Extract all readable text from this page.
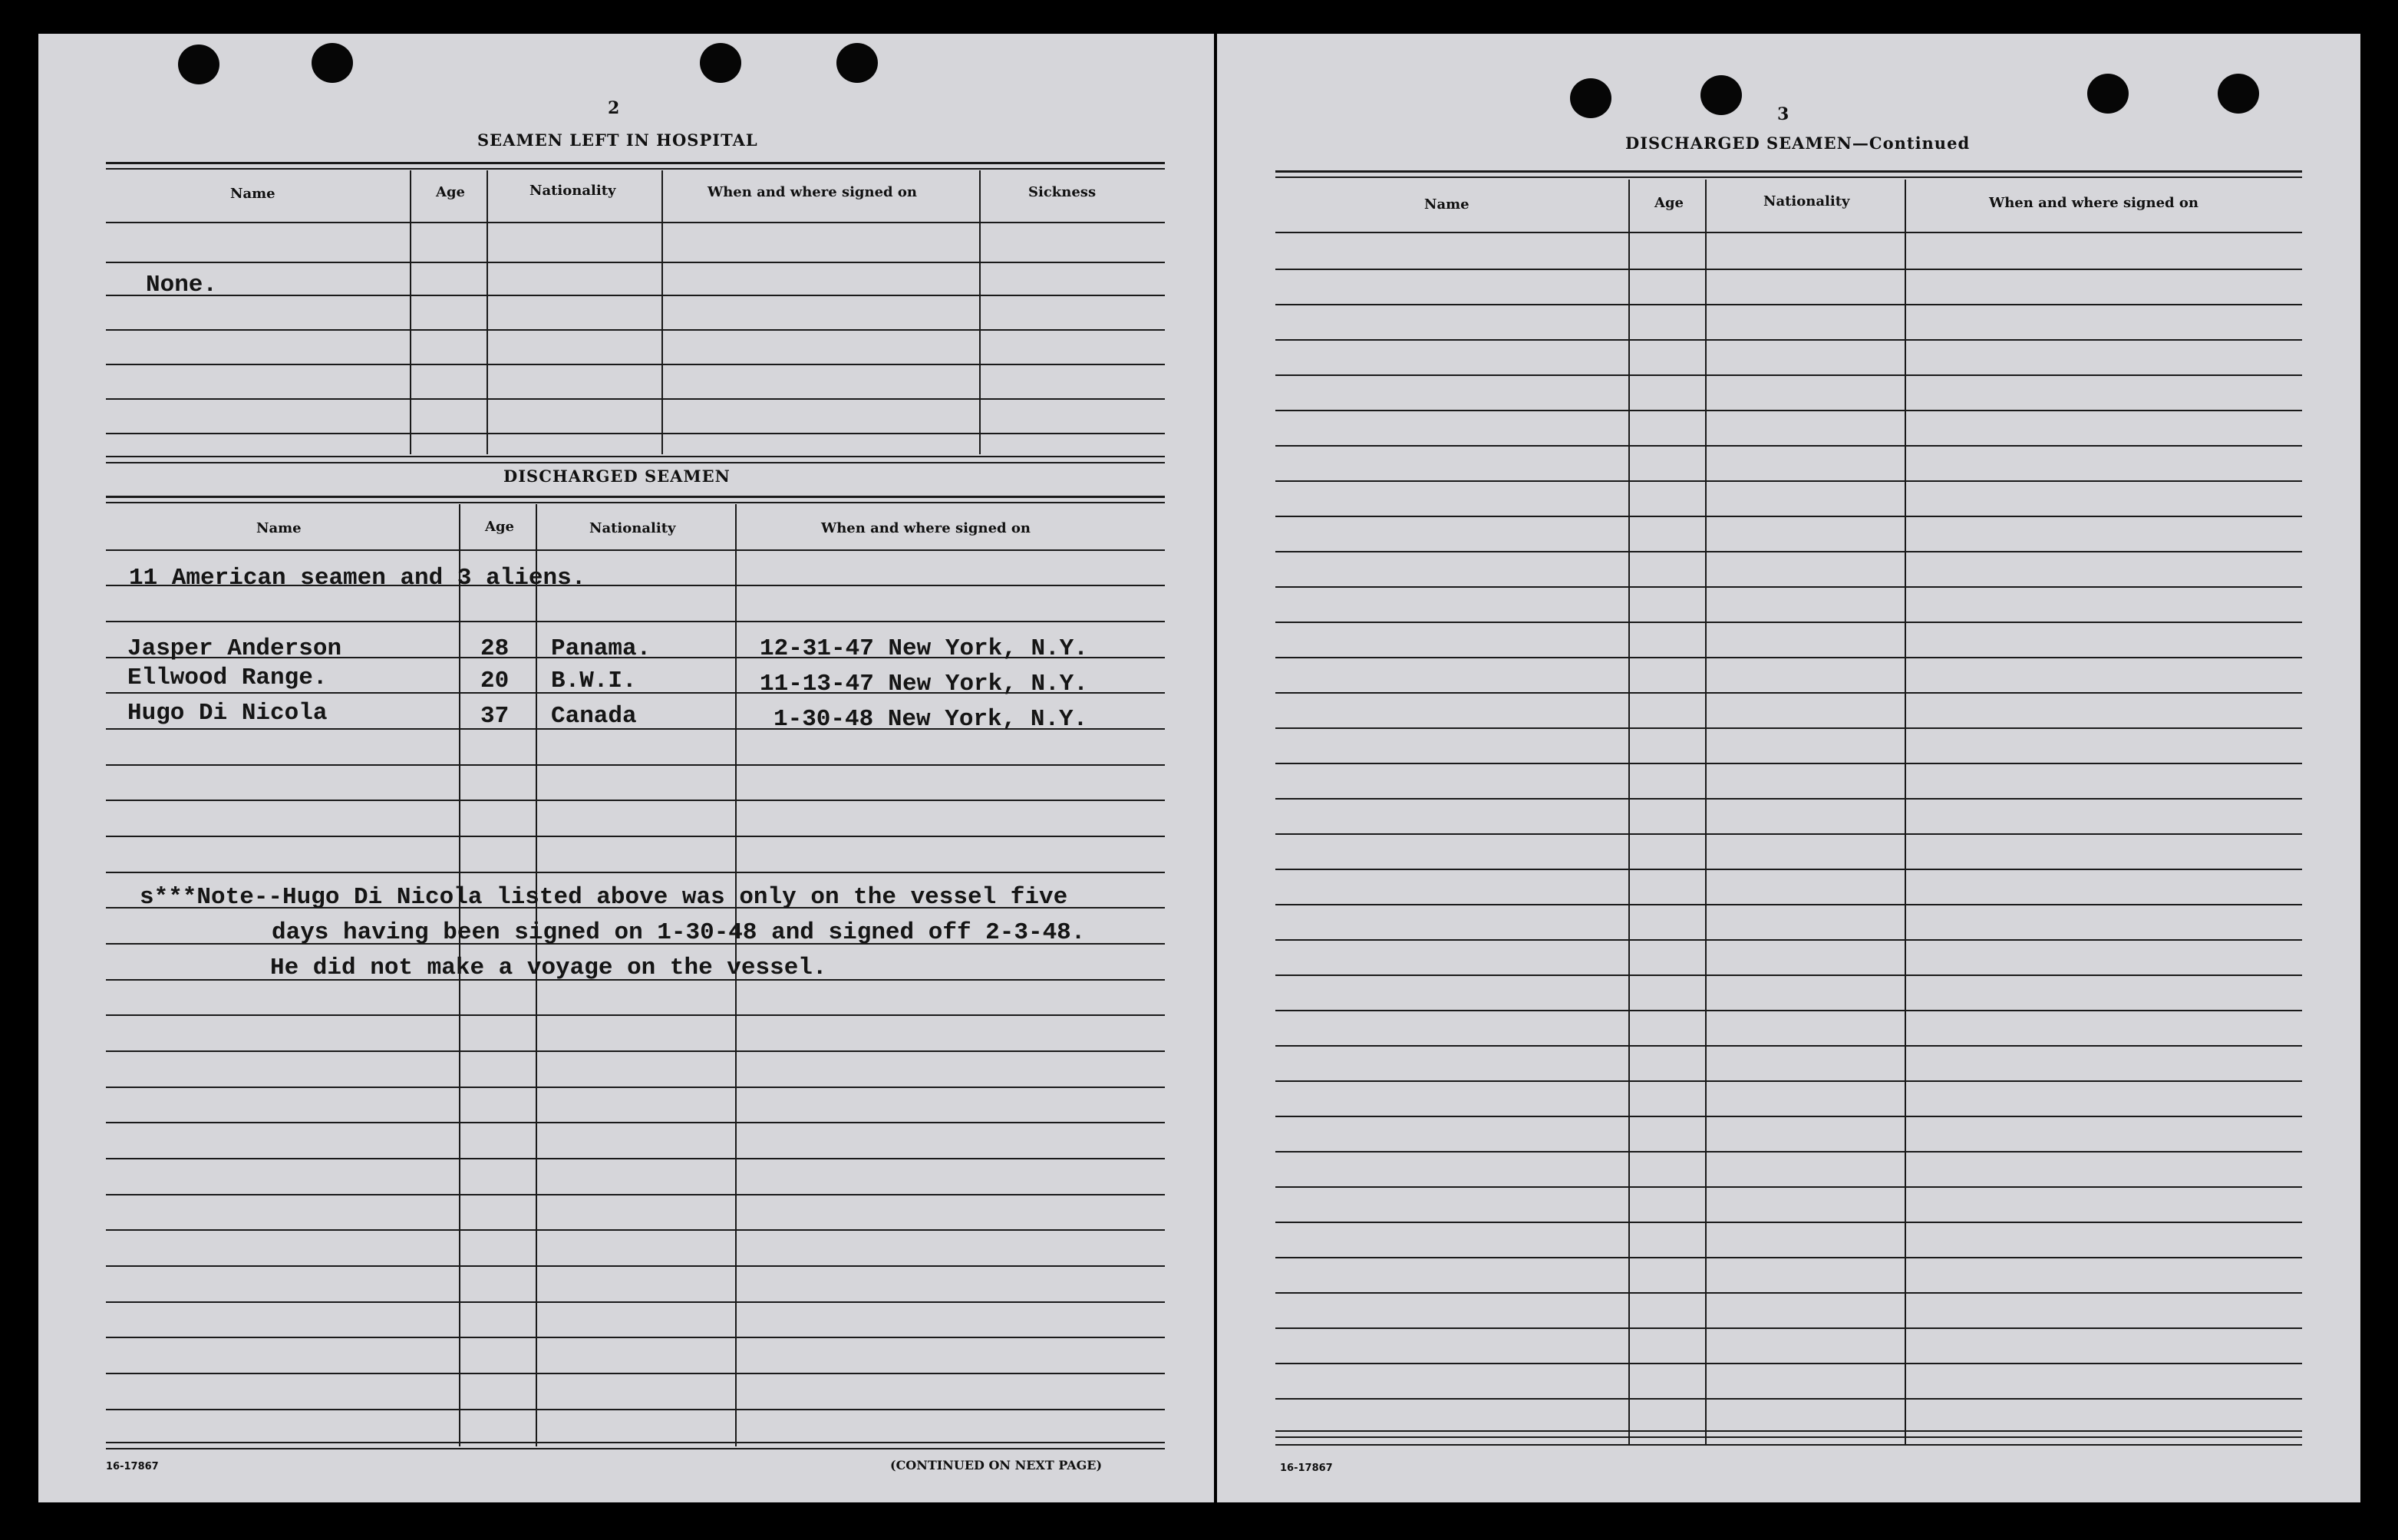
2
SEAMEN LEFT IN HOSPITAL
Name	Age	Nationality	When and where signed on	Sickness
None.
DISCHARGED SEAMEN
Name	Age	Nationality	When and where signed on
11 American seamen and 3 aliens.
Jasper Anderson	28 Panama.	12-31-47 New York, N.Y.
Ellwood Range.	20 B.W.I.	11-13-47 New York, N.Y.
Hugo Di Nicola	37 Canada	1-30-48 New York, N.Y.
s***Note--Hugo Di Nicola listed above was only on the vessel five
days having been signed on 1-30-48 and signed off 2-3-48.
He did not make a voyage on the vessel.
16-17867	(CONTINUED ON NEXT PAGE)
3
DISCHARGED SEAMEN—Continued
Name	Age	Nationality	When and where signed on
16-17867
